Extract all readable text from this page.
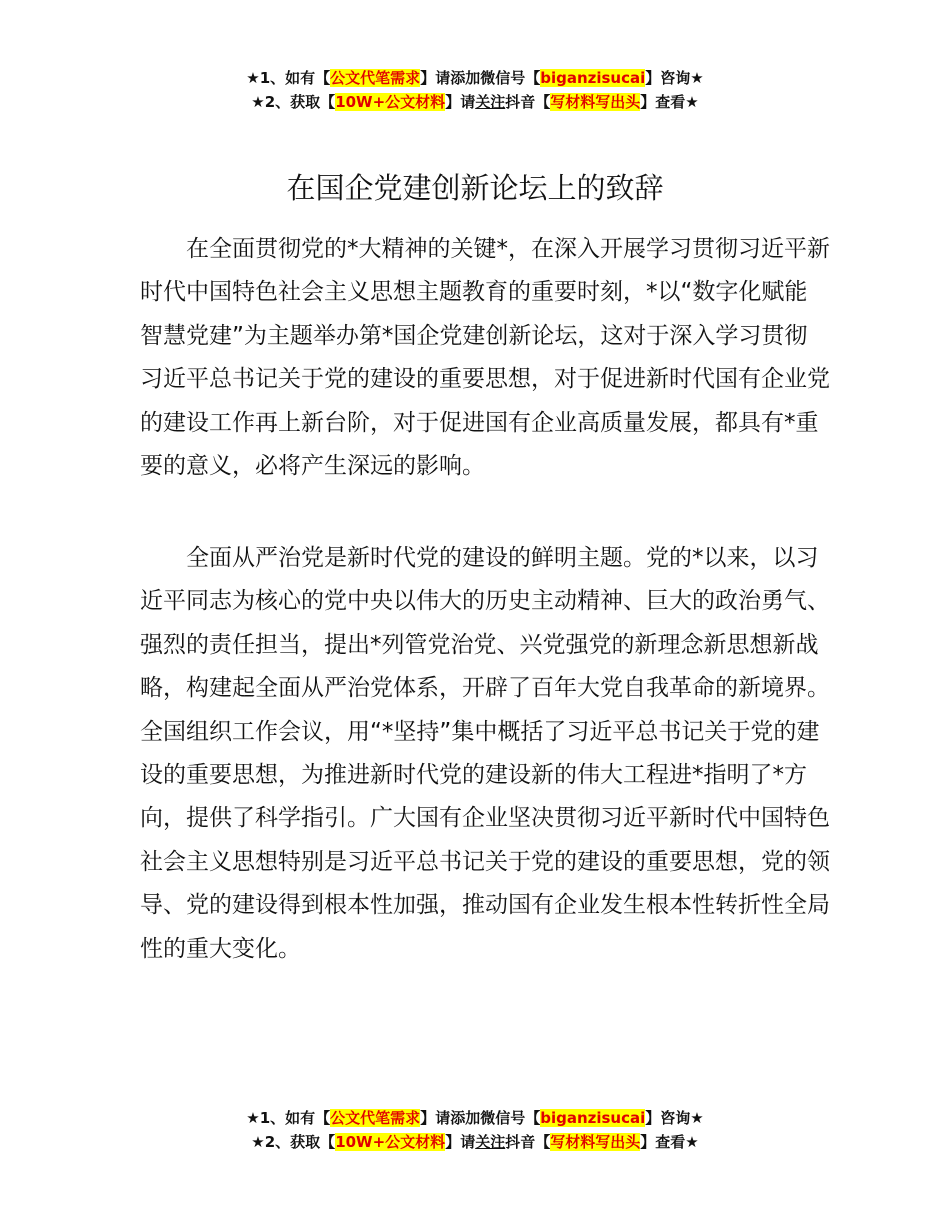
★1、如有【公文代笔需求】请添加微信号【biganzisucai】咨询★
★2、获取【10W+公文材料】请关注抖音【写材料写出头】查看★
在国企党建创新论坛上的致辞

在全面贯彻党的*大精神的关键*，在深入开展学习贯彻习近平新时代中国特色社会主义思想主题教育的重要时刻，*以“数字化赋能智慧党建”为主题举办第*国企党建创新论坛，这对于深入学习贯彻习近平总书记关于党的建设的重要思想，对于促进新时代国有企业党的建设工作再上新台阶，对于促进国有企业高质量发展，都具有*重要的意义，必将产生深远的影响。

全面从严治党是新时代党的建设的鲜明主题。党的*以来，以习近平同志为核心的党中央以伟大的历史主动精神、巨大的政治勇气、强烈的责任担当，提出*列管党治党、兴党强党的新理念新思想新战略，构建起全面从严治党体系，开辟了百年大党自我革命的新境界。全国组织工作会议，用“*坚持”集中概括了习近平总书记关于党的建设的重要思想，为推进新时代党的建设新的伟大工程进*指明了*方向，提供了科学指引。广大国有企业坚决贯彻习近平新时代中国特色社会主义思想特别是习近平总书记关于党的建设的重要思想，党的领导、党的建设得到根本性加强，推动国有企业发生根本性转折性全局性的重大变化。

★1、如有【公文代笔需求】请添加微信号【biganzisucai】咨询★
★2、获取【10W+公文材料】请关注抖音【写材料写出头】查看★
